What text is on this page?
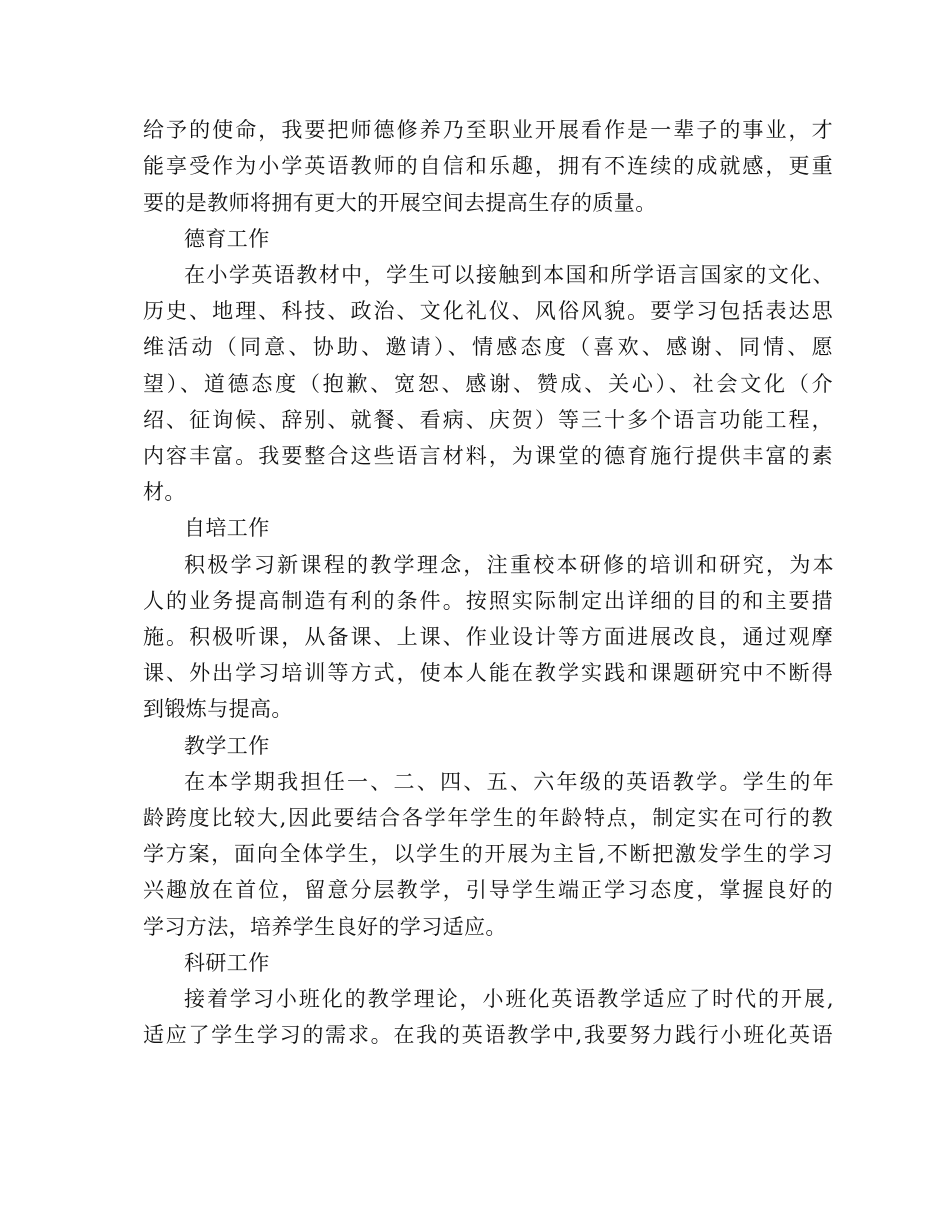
给予的使命，我要把师德修养乃至职业开展看作是一辈子的事业，才
能享受作为小学英语教师的自信和乐趣，拥有不连续的成就感，更重
要的是教师将拥有更大的开展空间去提高生存的质量。
德育工作
在小学英语教材中，学生可以接触到本国和所学语言国家的文化、
历史、地理、科技、政治、文化礼仪、风俗风貌。要学习包括表达思
维活动（同意、协助、邀请）、情感态度（喜欢、感谢、同情、愿
望）、道德态度（抱歉、宽恕、感谢、赞成、关心）、社会文化（介
绍、征询候、辞别、就餐、看病、庆贺）等三十多个语言功能工程，
内容丰富。我要整合这些语言材料，为课堂的德育施行提供丰富的素
材。
自培工作
积极学习新课程的教学理念，注重校本研修的培训和研究，为本
人的业务提高制造有利的条件。按照实际制定出详细的目的和主要措
施。积极听课，从备课、上课、作业设计等方面进展改良，通过观摩
课、外出学习培训等方式，使本人能在教学实践和课题研究中不断得
到锻炼与提高。
教学工作
在本学期我担任一、二、四、五、六年级的英语教学。学生的年
龄跨度比较大,因此要结合各学年学生的年龄特点，制定实在可行的教
学方案，面向全体学生，以学生的开展为主旨,不断把激发学生的学习
兴趣放在首位，留意分层教学，引导学生端正学习态度，掌握良好的
学习方法，培养学生良好的学习适应。
科研工作
接着学习小班化的教学理论，小班化英语教学适应了时代的开展,
适应了学生学习的需求。在我的英语教学中,我要努力践行小班化英语
